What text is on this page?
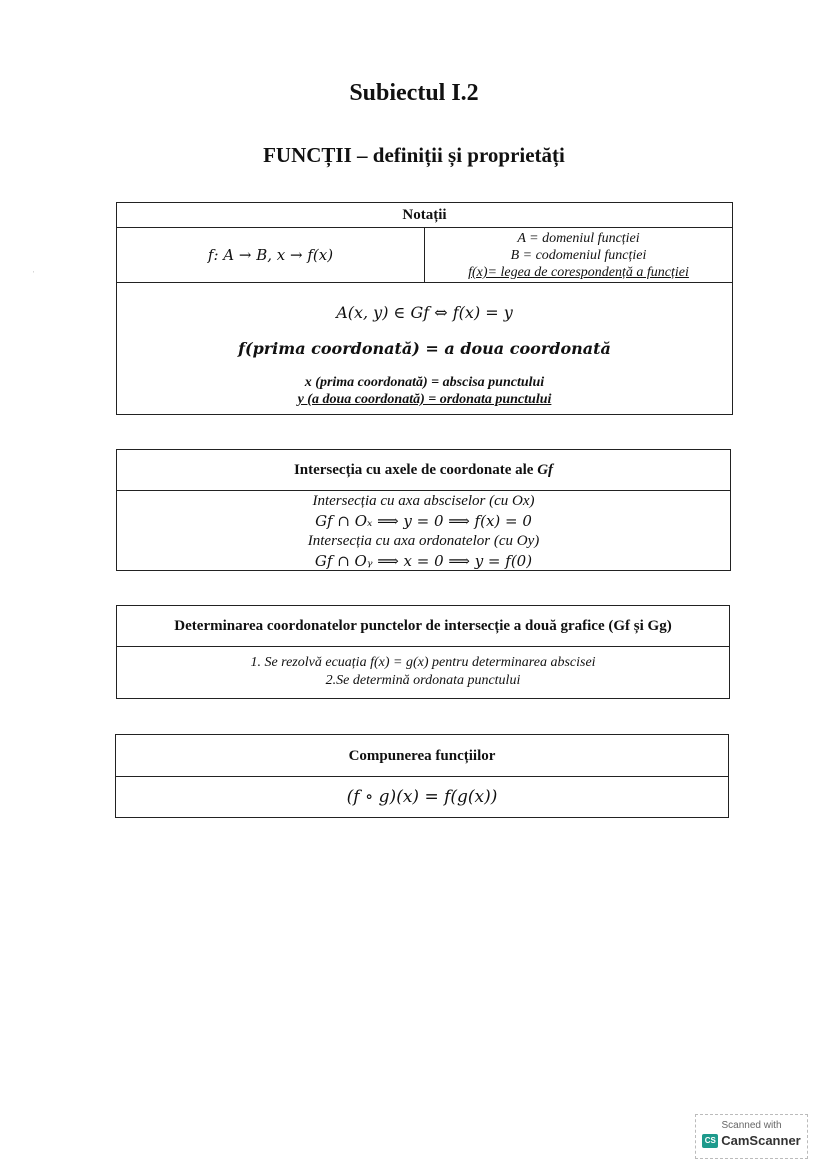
Subiectul I.2
FUNCȚII – definiții și proprietăți
ˈ
Notații
f: A → B, x → f(x)
A = domeniul funcției
B = codomeniul funcției
f(x)= legea de corespondență a funcției
A(x, y) ∈ Gf ⇔ f(x) = y
f(prima coordonată) = a doua coordonată
x (prima coordonată) = abscisa punctului
y (a doua coordonată) = ordonata punctului
Intersecția cu axele de coordonate ale Gf
Intersecția cu axa absciselor (cu Ox)
Gf ∩ Oₓ ⟹ y = 0 ⟹ f(x) = 0
Intersecția cu axa ordonatelor (cu Oy)
Gf ∩ Oᵧ ⟹ x = 0 ⟹ y = f(0)
Determinarea coordonatelor punctelor de intersecție a două grafice (Gf și Gg)
1. Se rezolvă ecuația f(x) = g(x) pentru determinarea abscisei
2.Se determină ordonata punctului
Compunerea funcțiilor
(f ∘ g)(x) = f(g(x))
Scanned with
CS CamScanner
